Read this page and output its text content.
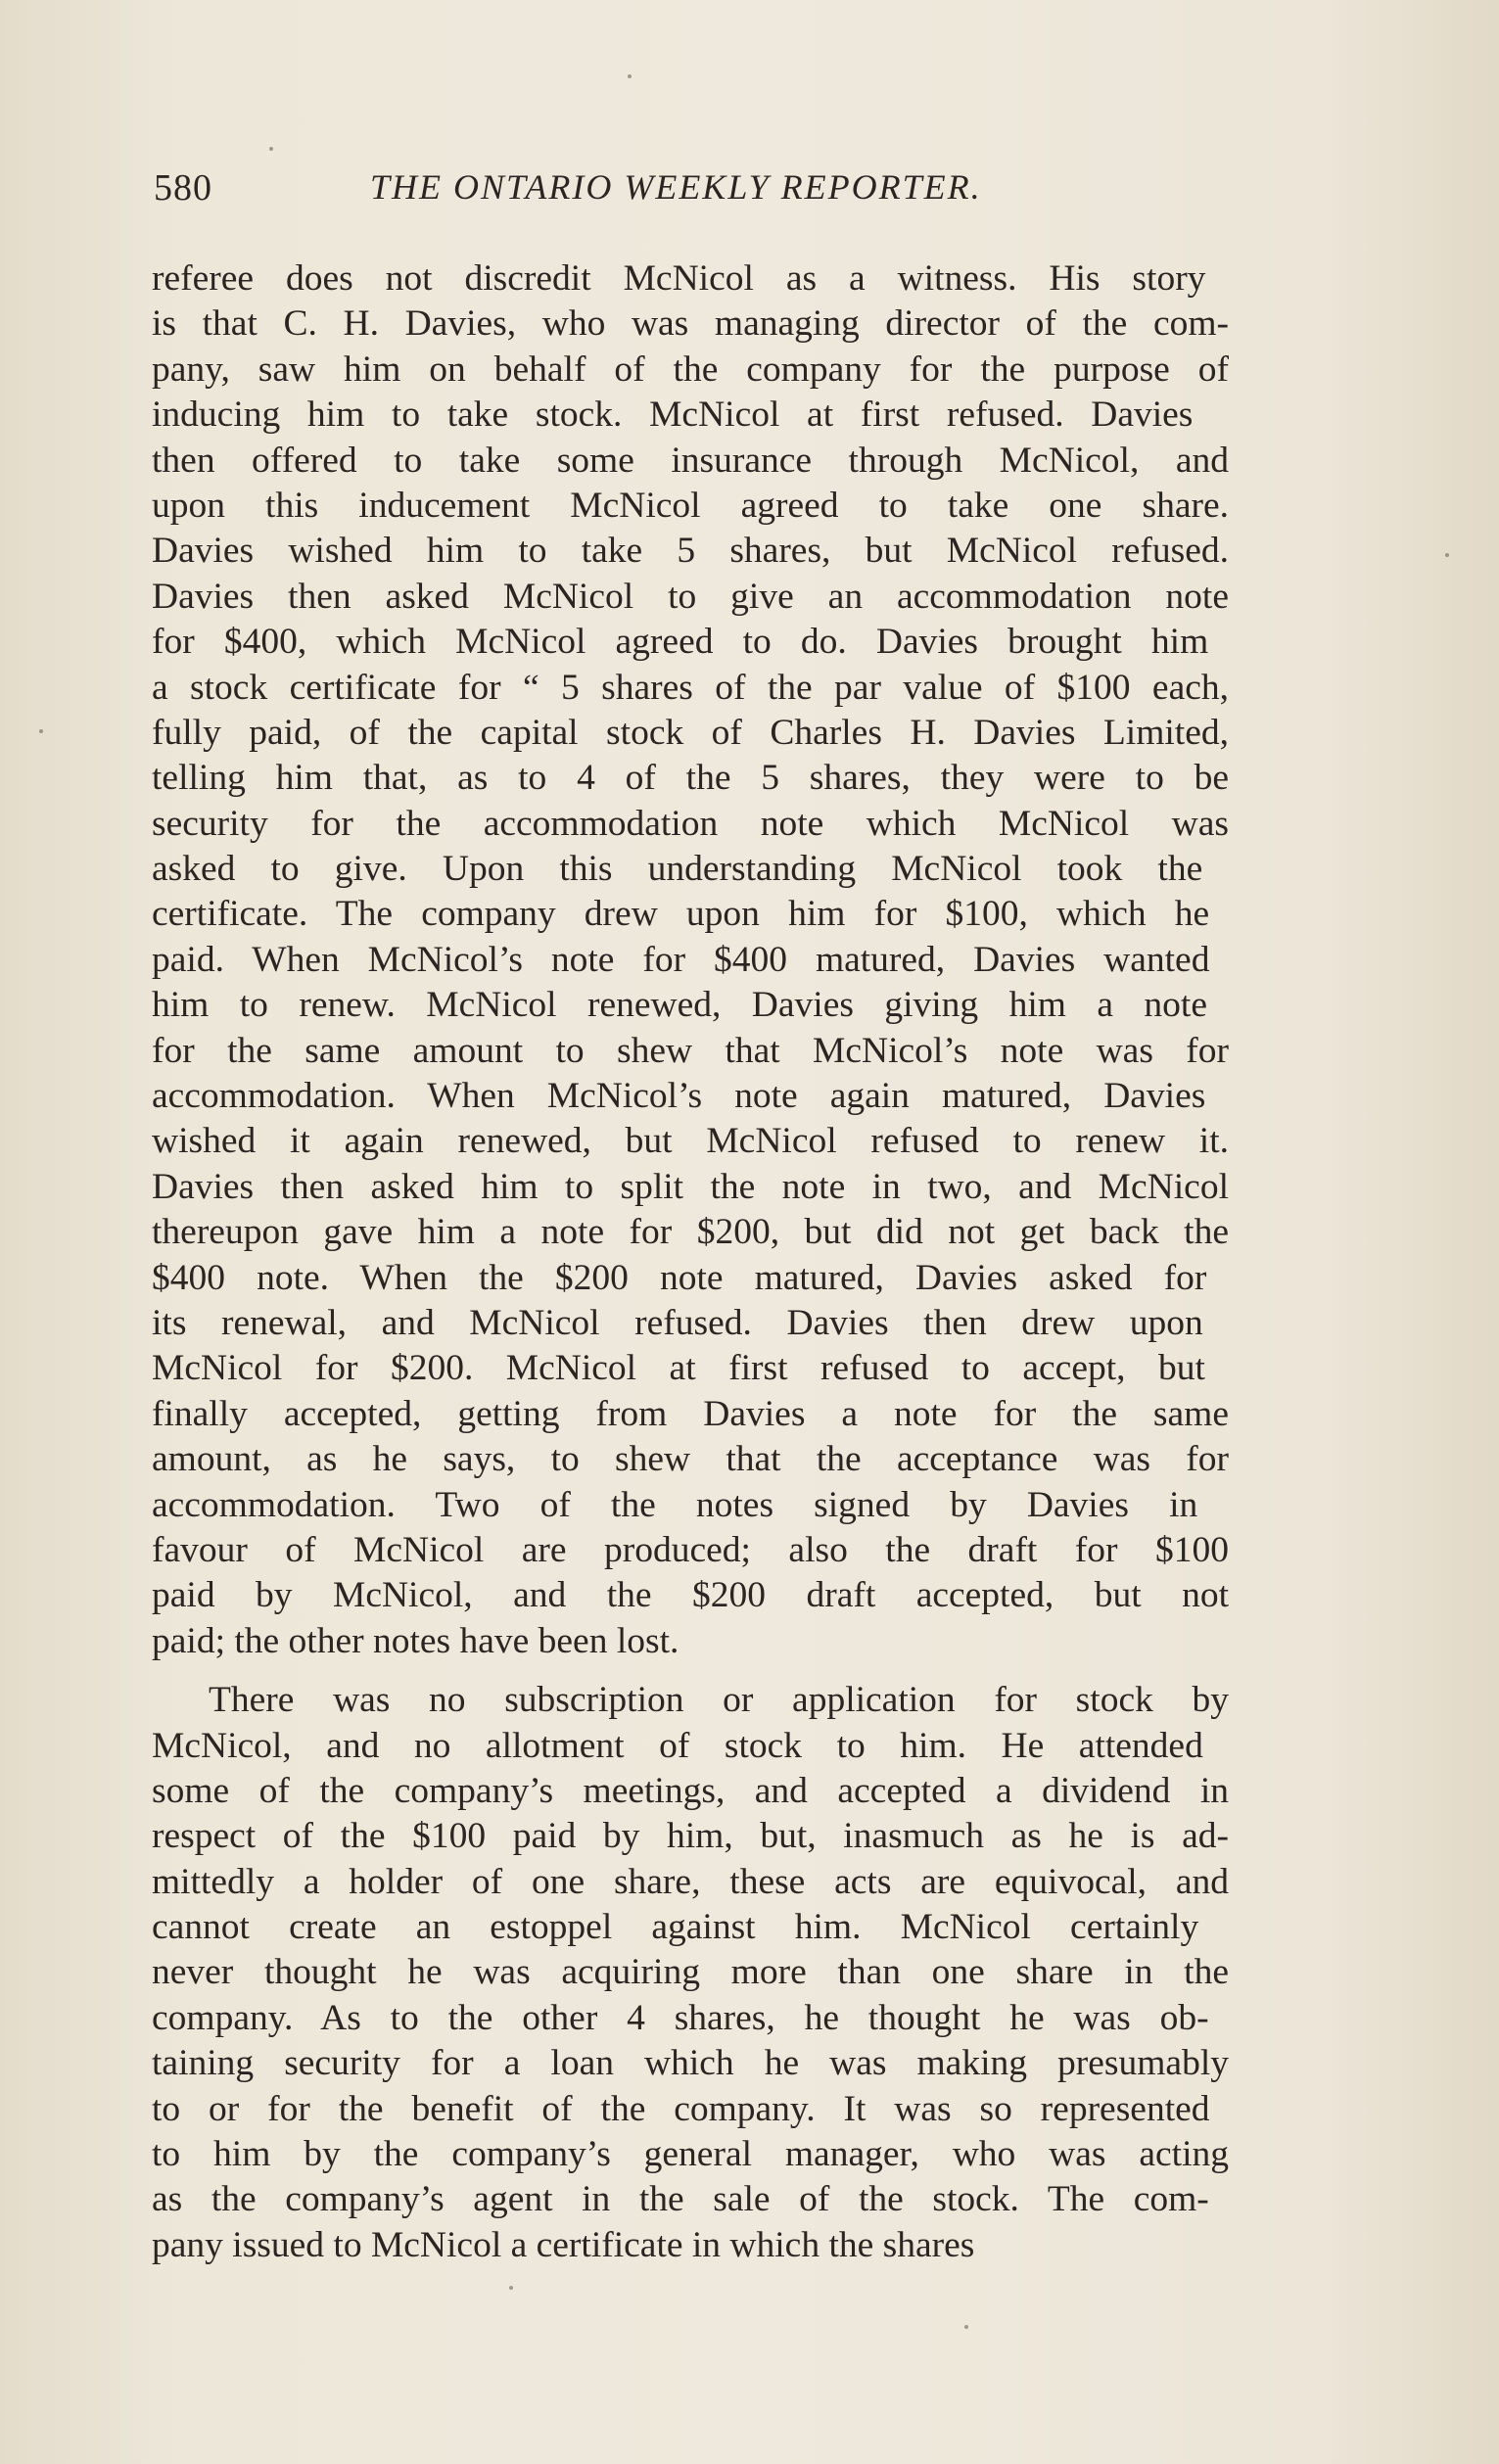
580	THE ONTARIO WEEKLY REPORTER.
referee does not discredit McNicol as a witness. His story
is that C. H. Davies, who was managing director of the com-
pany, saw him on behalf of the company for the purpose of
inducing him to take stock. McNicol at first refused. Davies
then offered to take some insurance through McNicol, and
upon this inducement McNicol agreed to take one share.
Davies wished him to take 5 shares, but McNicol refused.
Davies then asked McNicol to give an accommodation note
for $400, which McNicol agreed to do. Davies brought him
a stock certificate for “ 5 shares of the par value of $100 each,
fully paid, of the capital stock of Charles H. Davies Limited,
telling him that, as to 4 of the 5 shares, they were to be
security for the accommodation note which McNicol was
asked to give. Upon this understanding McNicol took the
certificate. The company drew upon him for $100, which he
paid. When McNicol’s note for $400 matured, Davies wanted
him to renew. McNicol renewed, Davies giving him a note
for the same amount to shew that McNicol’s note was for
accommodation. When McNicol’s note again matured, Davies
wished it again renewed, but McNicol refused to renew it.
Davies then asked him to split the note in two, and McNicol
thereupon gave him a note for $200, but did not get back the
$400 note. When the $200 note matured, Davies asked for
its renewal, and McNicol refused. Davies then drew upon
McNicol for $200. McNicol at first refused to accept, but
finally accepted, getting from Davies a note for the same
amount, as he says, to shew that the acceptance was for
accommodation. Two of the notes signed by Davies in
favour of McNicol are produced; also the draft for $100
paid by McNicol, and the $200 draft accepted, but not
paid; the other notes have been lost.
There was no subscription or application for stock by
McNicol, and no allotment of stock to him. He attended
some of the company’s meetings, and accepted a dividend in
respect of the $100 paid by him, but, inasmuch as he is ad-
mittedly a holder of one share, these acts are equivocal, and
cannot create an estoppel against him. McNicol certainly
never thought he was acquiring more than one share in the
company. As to the other 4 shares, he thought he was ob-
taining security for a loan which he was making presumably
to or for the benefit of the company. It was so represented
to him by the company’s general manager, who was acting
as the company’s agent in the sale of the stock. The com-
pany issued to McNicol a certificate in which the shares
